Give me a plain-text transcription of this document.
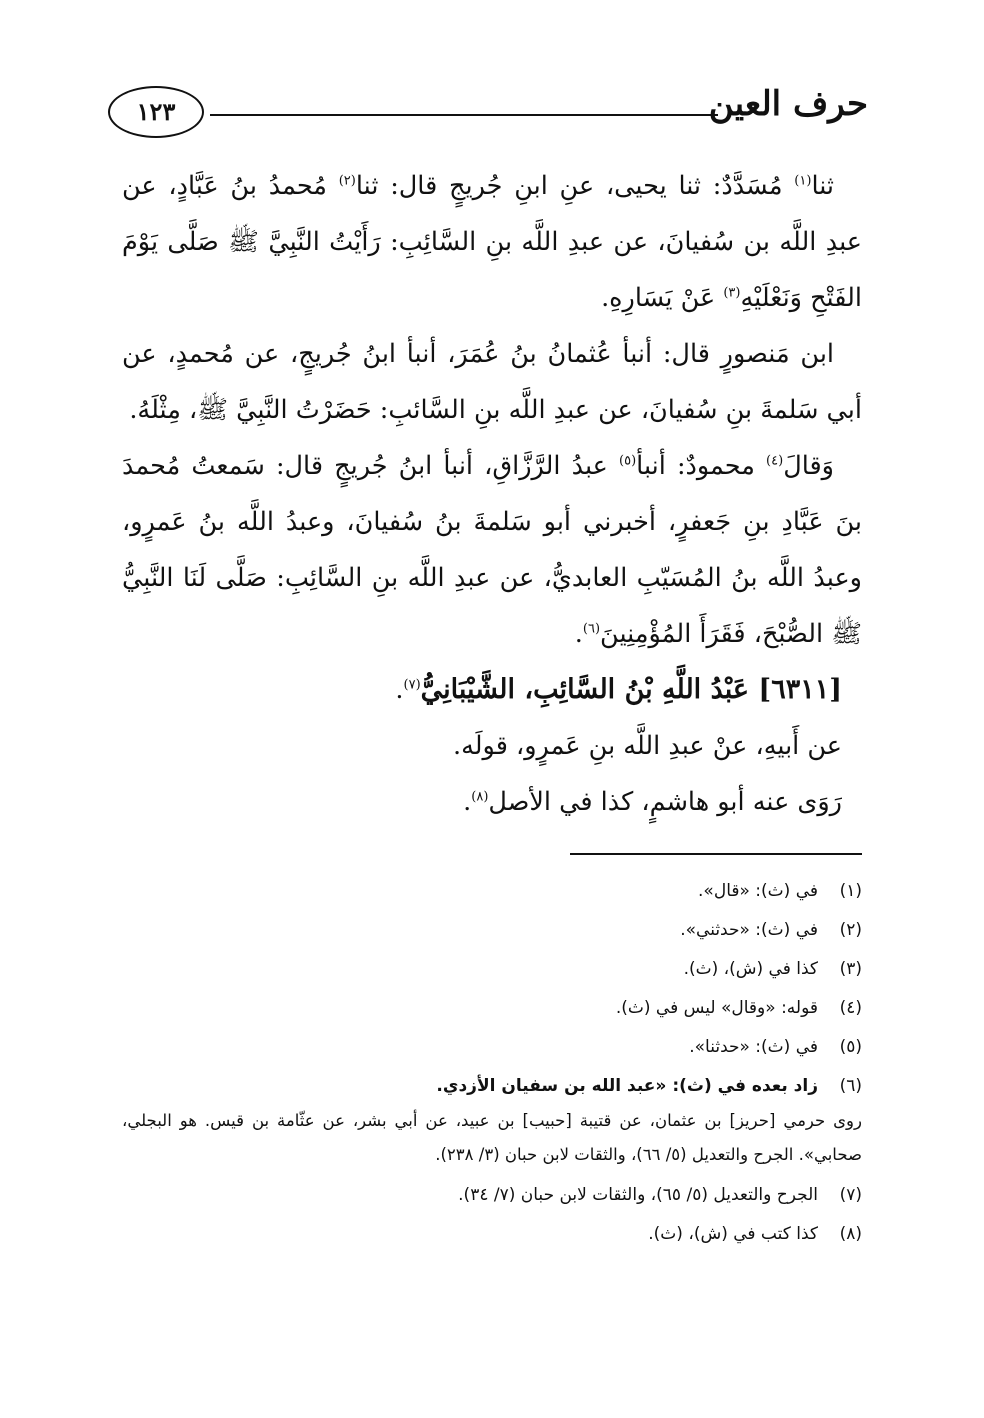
حرف العين
١٢٣

ثنا$^{(١)}$ مُسَدَّدٌ: ثنا يحيى، عنِ ابنِ جُريجٍ قال: ثنا$^{(٢)}$ مُحمدُ بنُ عَبَّادٍ، عن عبدِ اللَّه بن سُفيانَ، عن عبدِ اللَّه بنِ السَّائِبِ: رَأَيْتُ النَّبِيَّ ﷺ صَلَّى يَوْمَ الفَتْحِ وَنَعْلَيْهِ$^{(٣)}$ عَنْ يَسَارِهِ.

ابن مَنصورٍ قال: أنبأ عُثمانُ بنُ عُمَرَ، أنبأ ابنُ جُريجٍ، عن مُحمدٍ، عن أبي سَلمةَ بنِ سُفيانَ، عن عبدِ اللَّه بنِ السَّائبِ: حَضَرْتُ النَّبِيَّ ﷺ، مِثْلَهُ.

وَقالَ$^{(٤)}$ محمودٌ: أنبأ$^{(٥)}$ عبدُ الرَّزَّاقِ، أنبأ ابنُ جُريجٍ قال: سَمعتُ مُحمدَ بنَ عَبَّادِ بنِ جَعفرٍ، أخبرني أبو سَلمةَ بنُ سُفيانَ، وعبدُ اللَّه بنُ عَمرٍو، وعبدُ اللَّه بنُ المُسَيّبِ العابديُّ، عن عبدِ اللَّه بنِ السَّائِبِ: صَلَّى لَنَا النَّبِيُّ ﷺ الصُّبْحَ، فَقَرَأَ المُؤْمِنِينَ$^{(٦)}$.

[٦٣١١] عَبْدُ اللَّهِ بْنُ السَّائِبِ، الشَّيْبَانِيُّ$^{(٧)}$.

عن أَبيهِ، عنْ عبدِ اللَّه بنِ عَمرٍو، قولَه.

رَوَى عنه أبو هاشمٍ، كذا في الأصل$^{(٨)}$.

(١)
في (ث): «قال».
(٢)
في (ث): «حدثني».
(٣)
كذا في (ش)، (ث).
(٤)
قوله: «وقال» ليس في (ث).
(٥)
في (ث): «حدثنا».
(٦)
زاد بعده في (ث): «عبد الله بن سفيان الأزدي.
روى حرمي [حريز] بن عثمان، عن قتيبة [حبيب] بن عبيد، عن أبي بشر، عن عثّامة بن قيس. هو البجلي، صحابي». الجرح والتعديل (٥/ ٦٦)، والثقات لابن حبان (٣/ ٢٣٨).
(٧)
الجرح والتعديل (٥/ ٦٥)، والثقات لابن حبان (٧/ ٣٤).
(٨)
كذا كتب في (ش)، (ث).
